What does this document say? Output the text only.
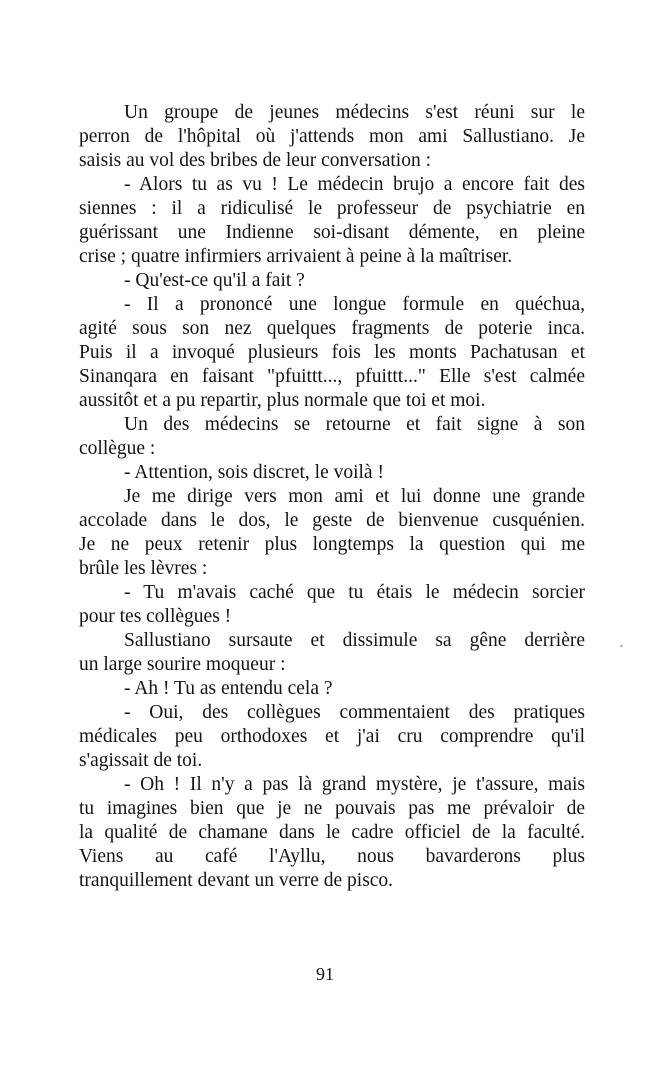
Un groupe de jeunes médecins s'est réuni sur le
perron de l'hôpital où j'attends mon ami Sallustiano. Je
saisis au vol des bribes de leur conversation :
- Alors tu as vu ! Le médecin brujo a encore fait des
siennes : il a ridiculisé le professeur de psychiatrie en
guérissant une Indienne soi-disant démente, en pleine
crise ; quatre infirmiers arrivaient à peine à la maîtriser.
- Qu'est-ce qu'il a fait ?
- Il a prononcé une longue formule en quéchua,
agité sous son nez quelques fragments de poterie inca.
Puis il a invoqué plusieurs fois les monts Pachatusan et
Sinanqara en faisant "pfuittt..., pfuittt..." Elle s'est calmée
aussitôt et a pu repartir, plus normale que toi et moi.
Un des médecins se retourne et fait signe à son
collègue :
- Attention, sois discret, le voilà !
Je me dirige vers mon ami et lui donne une grande
accolade dans le dos, le geste de bienvenue cusquénien.
Je ne peux retenir plus longtemps la question qui me
brûle les lèvres :
- Tu m'avais caché que tu étais le médecin sorcier
pour tes collègues !
Sallustiano sursaute et dissimule sa gêne derrière
un large sourire moqueur :
- Ah ! Tu as entendu cela ?
- Oui, des collègues commentaient des pratiques
médicales peu orthodoxes et j'ai cru comprendre qu'il
s'agissait de toi.
- Oh ! Il n'y a pas là grand mystère, je t'assure, mais
tu imagines bien que je ne pouvais pas me prévaloir de
la qualité de chamane dans le cadre officiel de la faculté.
Viens au café l'Ayllu, nous bavarderons plus
tranquillement devant un verre de pisco.
91
